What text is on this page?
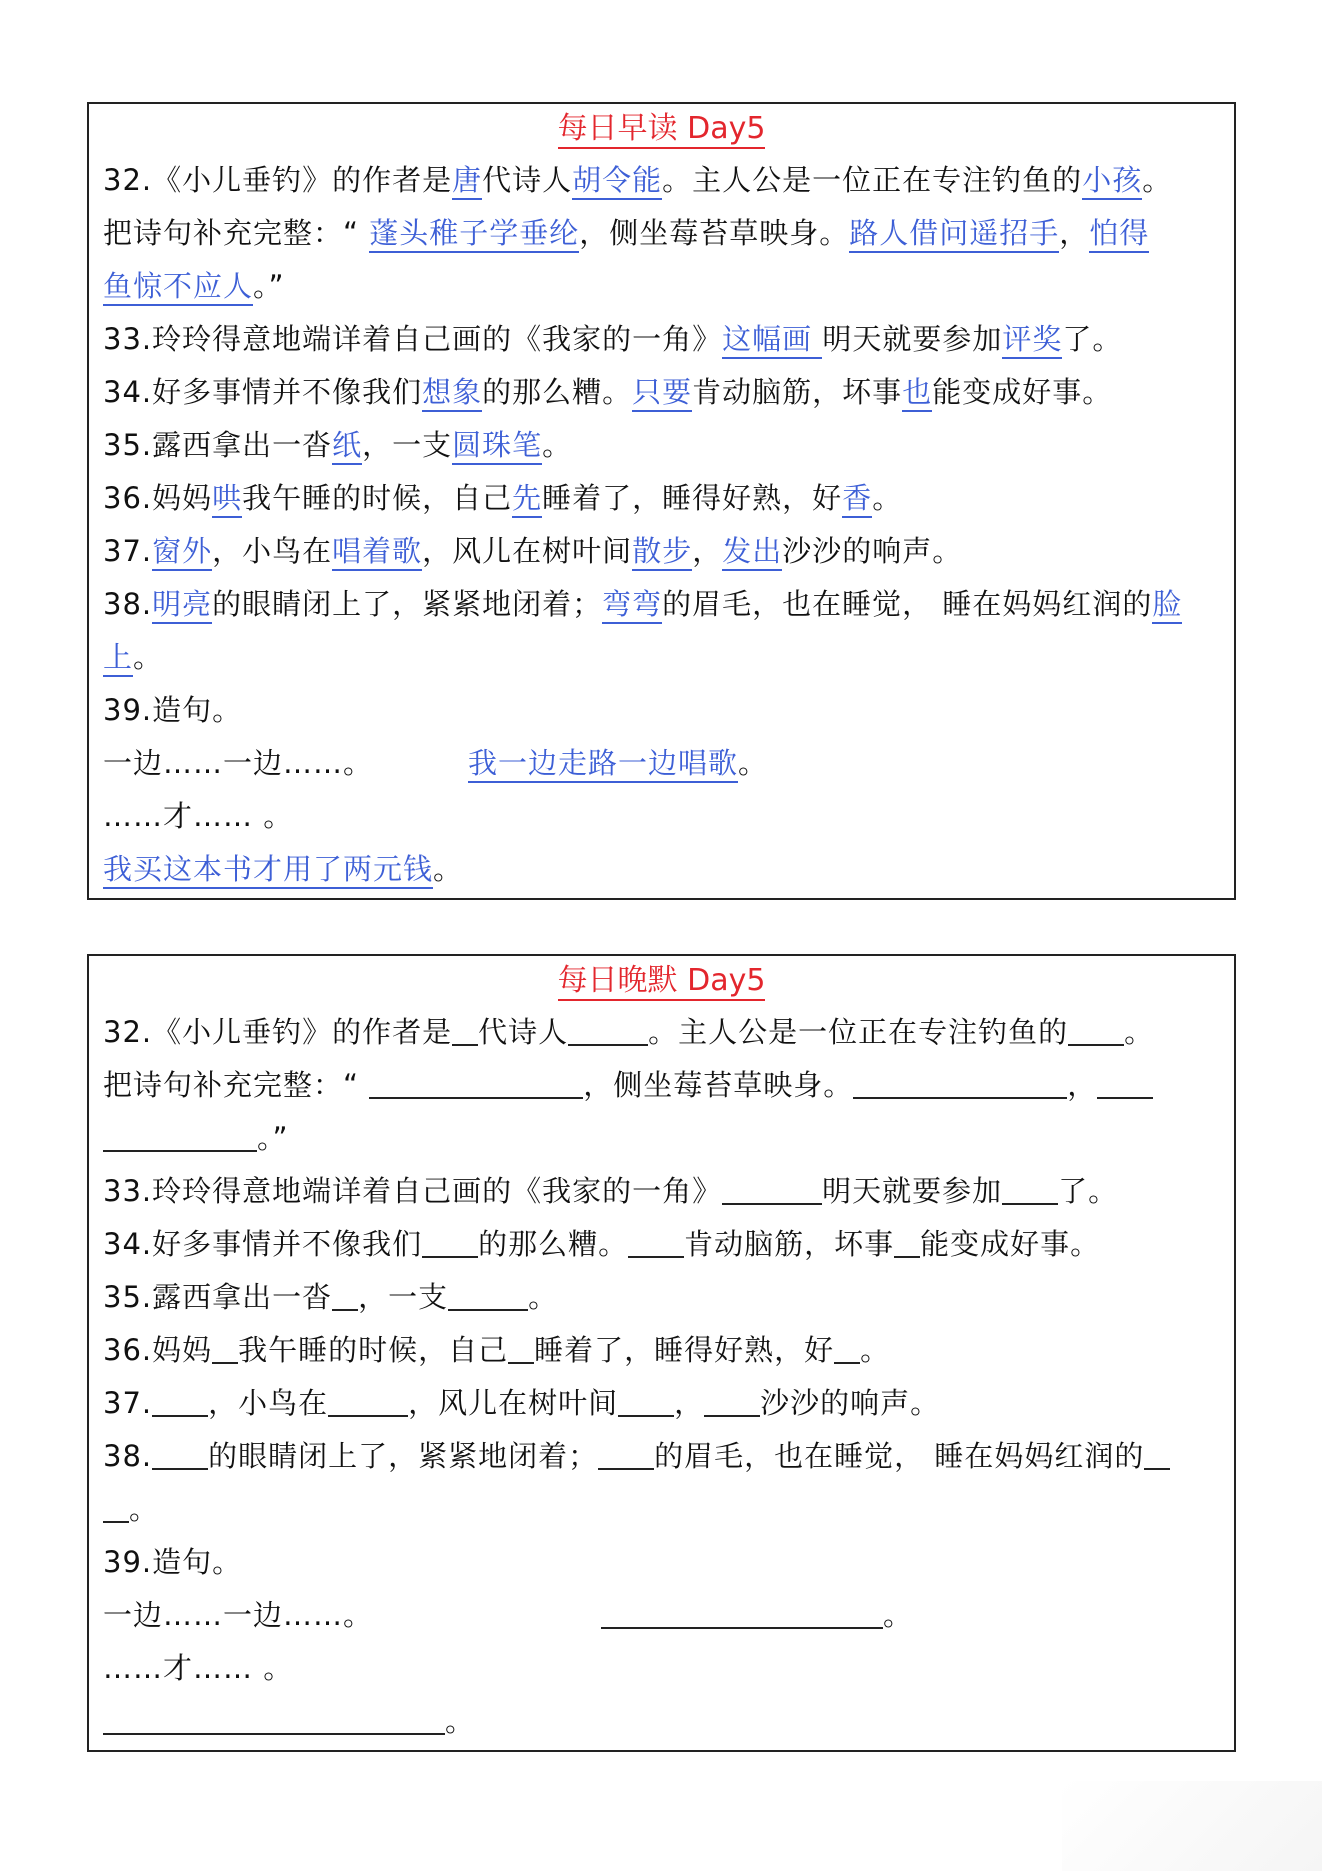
每日早读 Day5
32.《小儿垂钓》的作者是唐代诗人胡令能。主人公是一位正在专注钓鱼的小孩。
把诗句补充完整：“ 蓬头稚子学垂纶，侧坐莓苔草映身。路人借问遥招手，怕得
鱼惊不应人。”
33.玲玲得意地端详着自己画的《我家的一角》这幅画 明天就要参加评奖了。
34.好多事情并不像我们想象的那么糟。只要肯动脑筋，坏事也能变成好事。
35.露西拿出一沓纸，一支圆珠笔。
36.妈妈哄我午睡的时候，自己先睡着了，睡得好熟，好香。
37.窗外，小鸟在唱着歌，风儿在树叶间散步，发出沙沙的响声。
38.明亮的眼睛闭上了，紧紧地闭着；弯弯的眉毛，也在睡觉， 睡在妈妈红润的脸
上。
39.造句。
一边……一边……。	我一边走路一边唱歌。
……才…… 。
我买这本书才用了两元钱。
每日晚默 Day5
32.《小儿垂钓》的作者是 代诗人	。主人公是一位正在专注钓鱼的 。
把诗句补充完整：“	，侧坐莓苔草映身。	，
。”
33.玲玲得意地端详着自己画的《我家的一角》	明天就要参加 了。
34.好多事情并不像我们 的那么糟。 肯动脑筋，坏事 能变成好事。
35.露西拿出一沓 ，一支	。
36.妈妈 我午睡的时候，自己 睡着了，睡得好熟，好 。
37. ，小鸟在	，风儿在树叶间 ， 沙沙的响声。
38. 的眼睛闭上了，紧紧地闭着； 的眉毛，也在睡觉， 睡在妈妈红润的
。
39.造句。
一边……一边……。	。
……才…… 。
。
